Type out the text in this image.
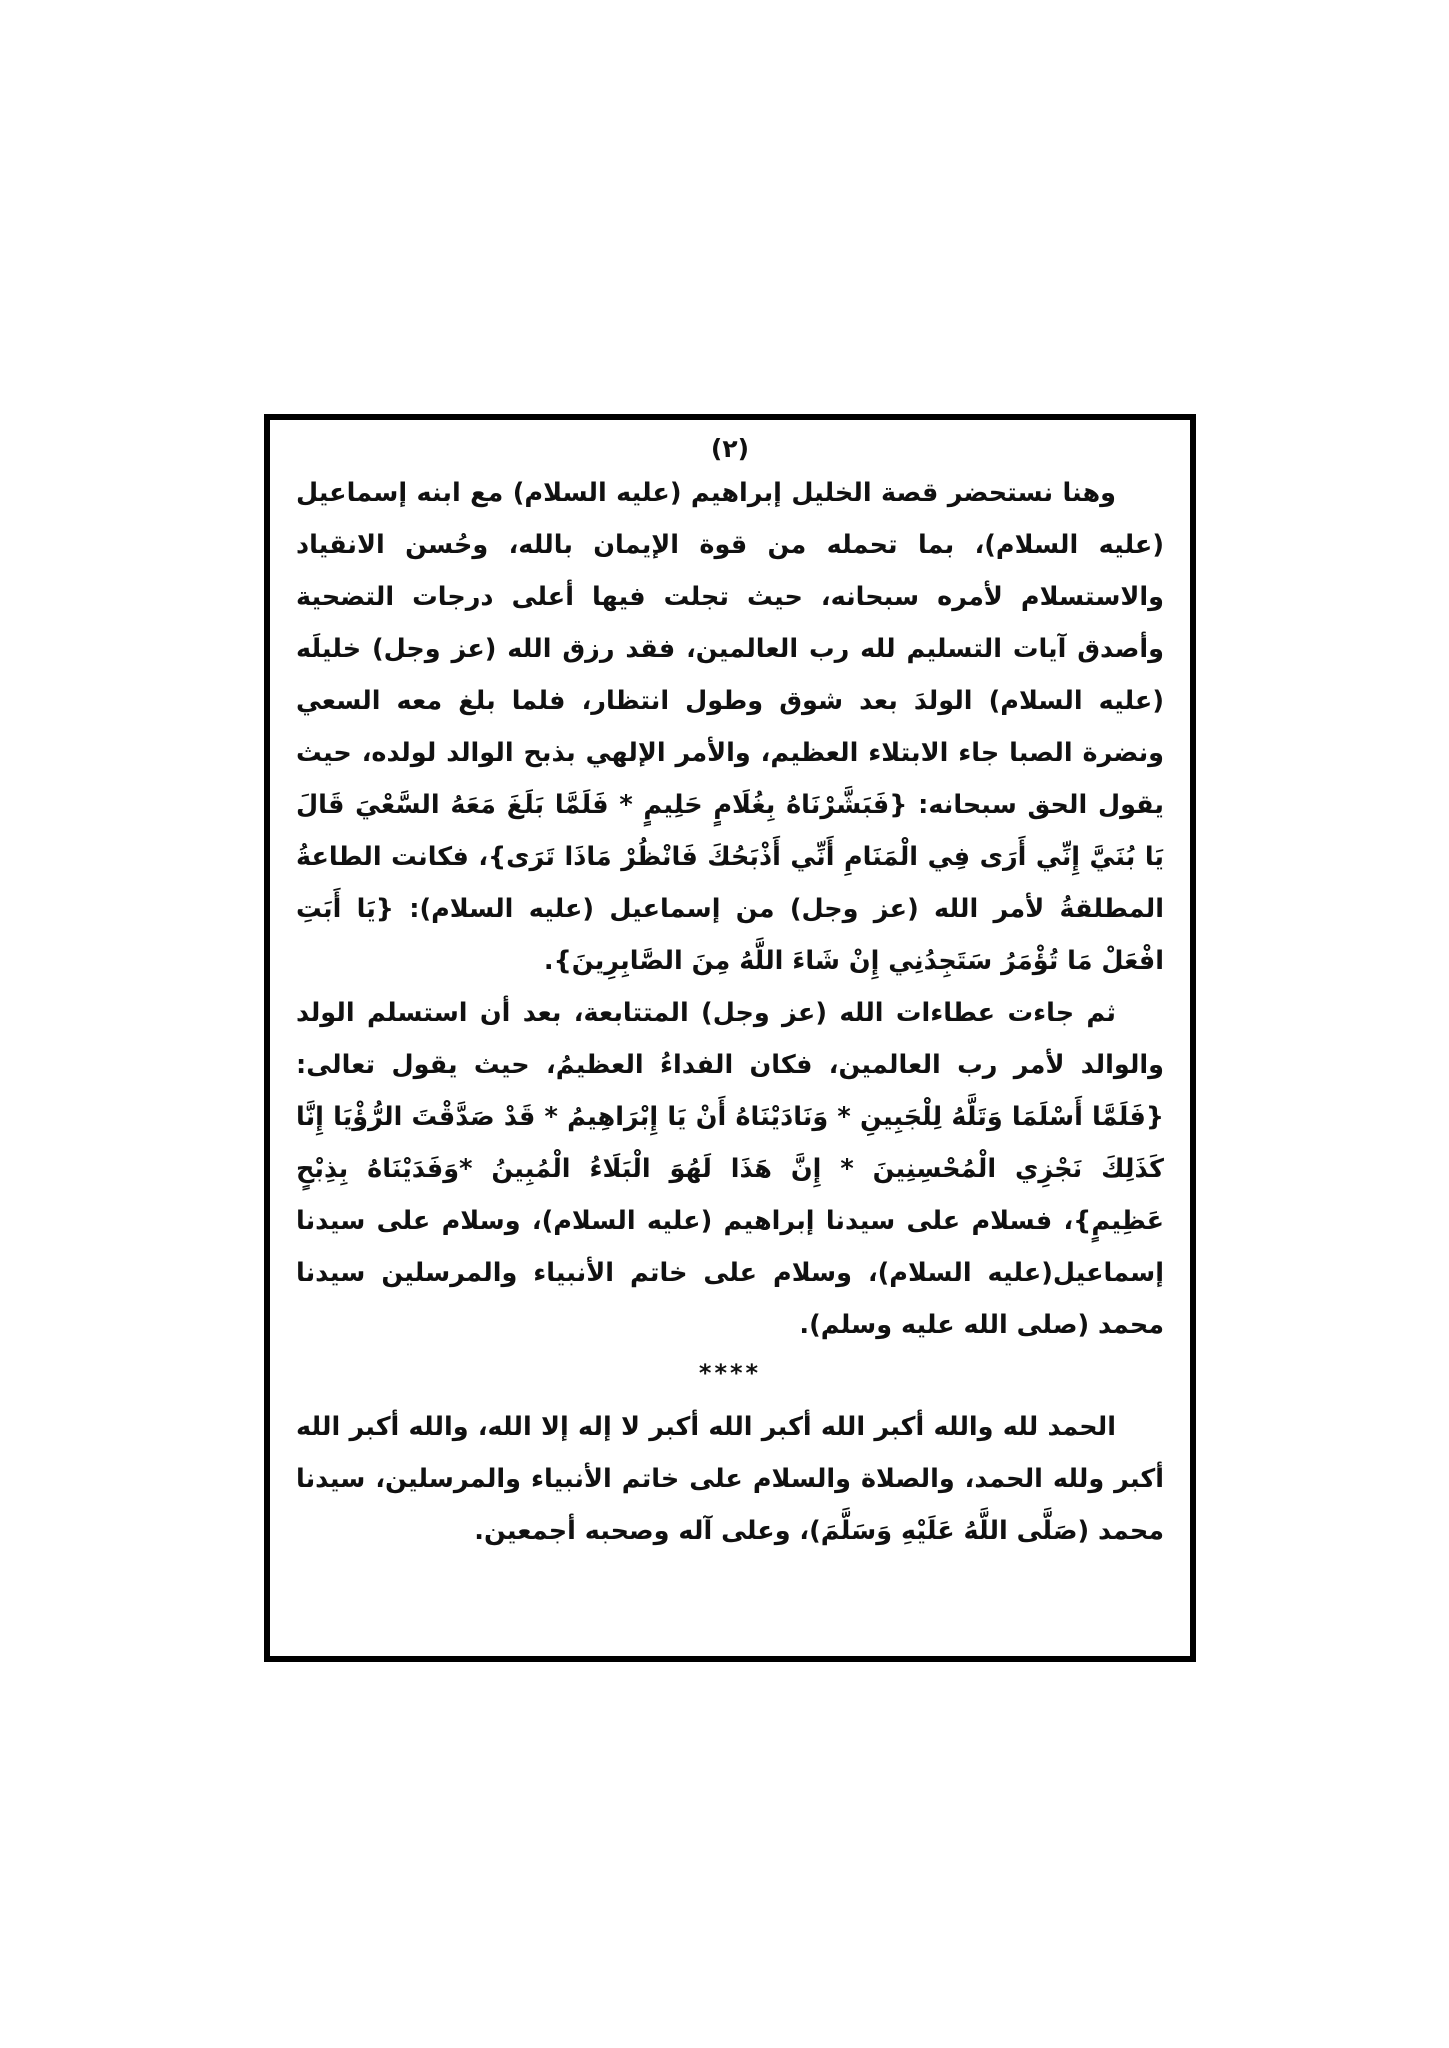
(٢)

وهنا نستحضر قصة الخليل إبراهيم (عليه السلام) مع ابنه إسماعيل (عليه السلام)، بما تحمله من قوة الإيمان بالله، وحُسن الانقياد والاستسلام لأمره سبحانه، حيث تجلت فيها أعلى درجات التضحية وأصدق آيات التسليم لله رب العالمين، فقد رزق الله (عز وجل) خليلَه (عليه السلام) الولدَ بعد شوق وطول انتظار، فلما بلغ معه السعي ونضرة الصبا جاء الابتلاء العظيم، والأمر الإلهي بذبح الوالد لولده، حيث يقول الحق سبحانه: {فَبَشَّرْنَاهُ بِغُلَامٍ حَلِيمٍ * فَلَمَّا بَلَغَ مَعَهُ السَّعْيَ قَالَ يَا بُنَيَّ إِنِّي أَرَى فِي الْمَنَامِ أَنِّي أَذْبَحُكَ فَانْظُرْ مَاذَا تَرَى}، فكانت الطاعةُ المطلقةُ لأمر الله (عز وجل) من إسماعيل (عليه السلام): {يَا أَبَتِ افْعَلْ مَا تُؤْمَرُ سَتَجِدُنِي إِنْ شَاءَ اللَّهُ مِنَ الصَّابِرِينَ}.

ثم جاءت عطاءات الله (عز وجل) المتتابعة، بعد أن استسلم الولد والوالد لأمر رب العالمين، فكان الفداءُ العظيمُ، حيث يقول تعالى: {فَلَمَّا أَسْلَمَا وَتَلَّهُ لِلْجَبِينِ * وَنَادَيْنَاهُ أَنْ يَا إِبْرَاهِيمُ * قَدْ صَدَّقْتَ الرُّؤْيَا إِنَّا كَذَلِكَ نَجْزِي الْمُحْسِنِينَ * إِنَّ هَذَا لَهُوَ الْبَلَاءُ الْمُبِينُ *وَفَدَيْنَاهُ بِذِبْحٍ عَظِيمٍ}، فسلام على سيدنا إبراهيم (عليه السلام)، وسلام على سيدنا إسماعيل(عليه السلام)، وسلام على خاتم الأنبياء والمرسلين سيدنا محمد (صلى الله عليه وسلم).

****

الحمد لله والله أكبر الله أكبر الله أكبر لا إله إلا الله، والله أكبر الله أكبر ولله الحمد، والصلاة والسلام على خاتم الأنبياء والمرسلين، سيدنا محمد (صَلَّى اللَّهُ عَلَيْهِ وَسَلَّمَ)، وعلى آله وصحبه أجمعين.
